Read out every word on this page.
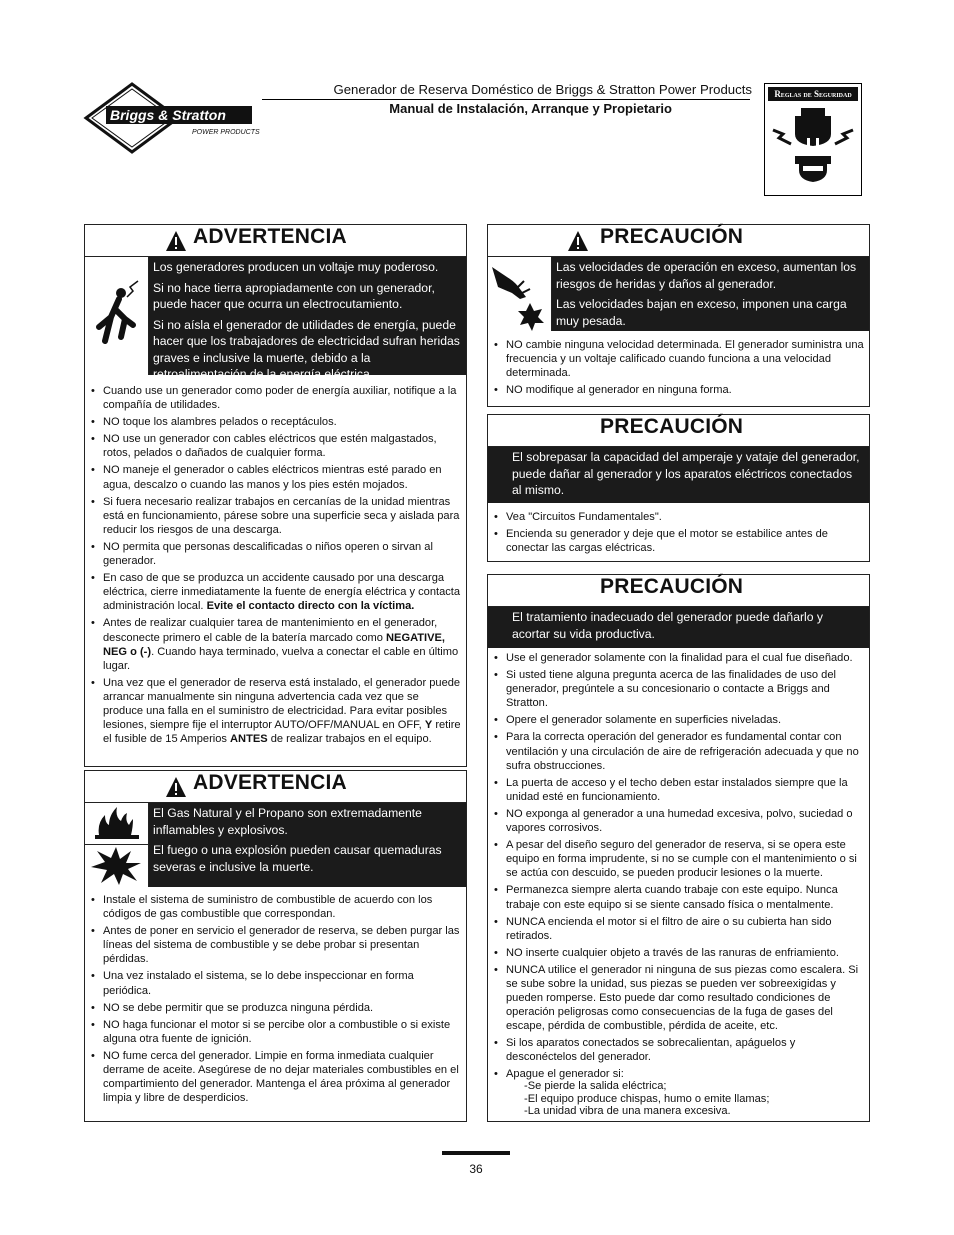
Briggs & Stratton
POWER PRODUCTS
Generador de Reserva Doméstico de Briggs & Stratton Power Products
Manual de Instalación, Arranque y Propietario
Reglas de Seguridad
ADVERTENCIA

Los generadores producen un voltaje muy poderoso.

Si no hace tierra apropiadamente con un generador, puede hacer que ocurra un electrocutamiento.

Si no aísla el generador de utilidades de energía, puede hacer que los trabajadores de electricidad sufran heridas graves e inclusive la muerte, debido a la retroalimentación de la energía eléctrica.

• Cuando use un generador como poder de energía auxiliar, notifique a la compañía de utilidades.
• NO toque los alambres pelados o receptáculos.
• NO use un generador con cables eléctricos que estén malgastados, rotos, pelados o dañados de cualquier forma.
• NO maneje el generador o cables eléctricos mientras esté parado en agua, descalzo o cuando las manos y los pies estén mojados.
• Si fuera necesario realizar trabajos en cercanías de la unidad mientras está en funcionamiento, párese sobre una superficie seca y aislada para reducir los riesgos de una descarga.
• NO permita que personas descalificadas o niños operen o sirvan al generador.
• En caso de que se produzca un accidente causado por una descarga eléctrica, cierre inmediatamente la fuente de energía eléctrica y contacta administración local. Evite el contacto directo con la víctima.
• Antes de realizar cualquier tarea de mantenimiento en el generador, desconecte primero el cable de la batería marcado como NEGATIVE, NEG o (-). Cuando haya terminado, vuelva a conectar el cable en último lugar.
• Una vez que el generador de reserva está instalado, el generador puede arrancar manualmente sin ninguna advertencia cada vez que se produce una falla en el suministro de electricidad. Para evitar posibles lesiones, siempre fije el interruptor AUTO/OFF/MANUAL en OFF, Y retire el fusible de 15 Amperios ANTES de realizar trabajos en el equipo.
ADVERTENCIA

El Gas Natural y el Propano son extremadamente inflamables y explosivos.

El fuego o una explosión pueden causar quemaduras severas e inclusive la muerte.

• Instale el sistema de suministro de combustible de acuerdo con los códigos de gas combustible que correspondan.
• Antes de poner en servicio el generador de reserva, se deben purgar las líneas del sistema de combustible y se debe probar si presentan pérdidas.
• Una vez instalado el sistema, se lo debe inspeccionar en forma periódica.
• NO se debe permitir que se produzca ninguna pérdida.
• NO haga funcionar el motor si se percibe olor a combustible o si existe alguna otra fuente de ignición.
• NO fume cerca del generador. Limpie en forma inmediata cualquier derrame de aceite. Asegúrese de no dejar materiales combustibles en el compartimiento del generador. Mantenga el área próxima al generador limpia y libre de desperdicios.
PRECAUCIÓN

Las velocidades de operación en exceso, aumentan los riesgos de heridas y daños al generador.

Las velocidades bajan en exceso, imponen una carga muy pesada.

• NO cambie ninguna velocidad determinada. El generador suministra una frecuencia y un voltaje calificado cuando funciona a una velocidad determinada.
• NO modifique al generador en ninguna forma.
PRECAUCIÓN
El sobrepasar la capacidad del amperaje y vataje del generador, puede dañar al generador y los aparatos eléctricos conectados al mismo.
• Vea "Circuitos Fundamentales".
• Encienda su generador y deje que el motor se estabilice antes de conectar las cargas eléctricas.
PRECAUCIÓN
El tratamiento inadecuado del generador puede dañarlo y acortar su vida productiva.
• Use el generador solamente con la finalidad para el cual fue diseñado.
• Si usted tiene alguna pregunta acerca de las finalidades de uso del generador, pregúntele a su concesionario o contacte a Briggs and Stratton.
• Opere el generador solamente en superficies niveladas.
• Para la correcta operación del generador es fundamental contar con ventilación y una circulación de aire de refrigeración adecuada y que no sufra obstrucciones.
• La puerta de acceso y el techo deben estar instalados siempre que la unidad esté en funcionamiento.
• NO exponga al generador a una humedad excesiva, polvo, suciedad o vapores corrosivos.
• A pesar del diseño seguro del generador de reserva, si se opera este equipo en forma imprudente, si no se cumple con el mantenimiento o si se actúa con descuido, se pueden producir lesiones o la muerte.
• Permanezca siempre alerta cuando trabaje con este equipo. Nunca trabaje con este equipo si se siente cansado física o mentalmente.
• NUNCA encienda el motor si el filtro de aire o su cubierta han sido retirados.
• NO inserte cualquier objeto a través de las ranuras de enfriamiento.
• NUNCA utilice el generador ni ninguna de sus piezas como escalera. Si se sube sobre la unidad, sus piezas se pueden ver sobreexigidas y pueden romperse. Esto puede dar como resultado condiciones de operación peligrosas como consecuencias de la fuga de gases del escape, pérdida de combustible, pérdida de aceite, etc.
• Si los aparatos conectados se sobrecalientan, apáguelos y desconéctelos del generador.
• Apague el generador si:
-Se pierde la salida eléctrica;
-El equipo produce chispas, humo o emite llamas;
-La unidad vibra de una manera excesiva.
36
